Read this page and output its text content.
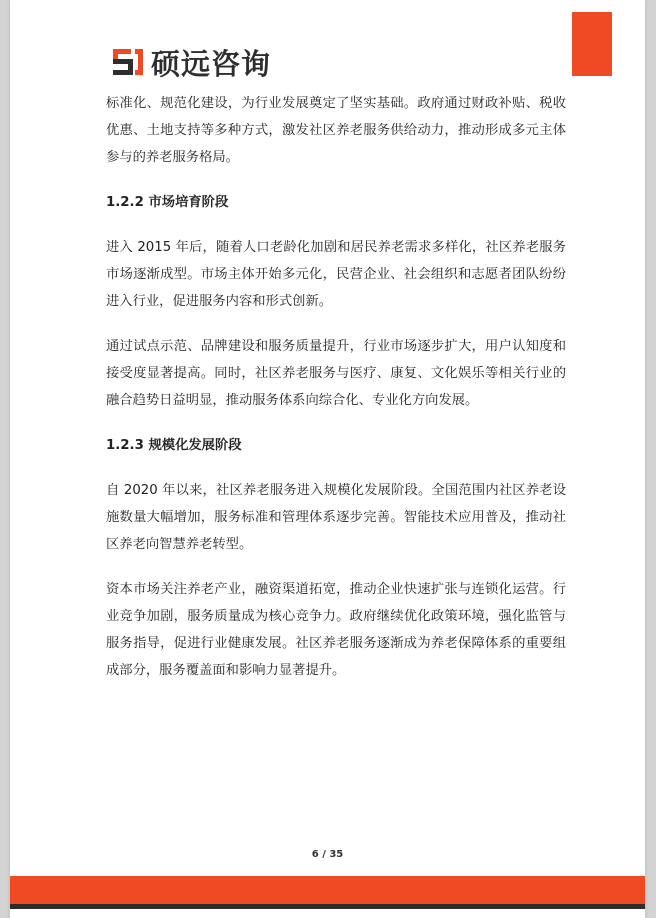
硕远咨询

标准化、规范化建设，为行业发展奠定了坚实基础。政府通过财政补贴、税收优惠、土地支持等多种方式，激发社区养老服务供给动力，推动形成多元主体参与的养老服务格局。

1.2.2 市场培育阶段

进入 2015 年后，随着人口老龄化加剧和居民养老需求多样化，社区养老服务市场逐渐成型。市场主体开始多元化，民营企业、社会组织和志愿者团队纷纷进入行业，促进服务内容和形式创新。

通过试点示范、品牌建设和服务质量提升，行业市场逐步扩大，用户认知度和接受度显著提高。同时，社区养老服务与医疗、康复、文化娱乐等相关行业的融合趋势日益明显，推动服务体系向综合化、专业化方向发展。

1.2.3 规模化发展阶段

自 2020 年以来，社区养老服务进入规模化发展阶段。全国范围内社区养老设施数量大幅增加，服务标准和管理体系逐步完善。智能技术应用普及，推动社区养老向智慧养老转型。

资本市场关注养老产业，融资渠道拓宽，推动企业快速扩张与连锁化运营。行业竞争加剧，服务质量成为核心竞争力。政府继续优化政策环境，强化监管与服务指导，促进行业健康发展。社区养老服务逐渐成为养老保障体系的重要组成部分，服务覆盖面和影响力显著提升。

6 / 35
